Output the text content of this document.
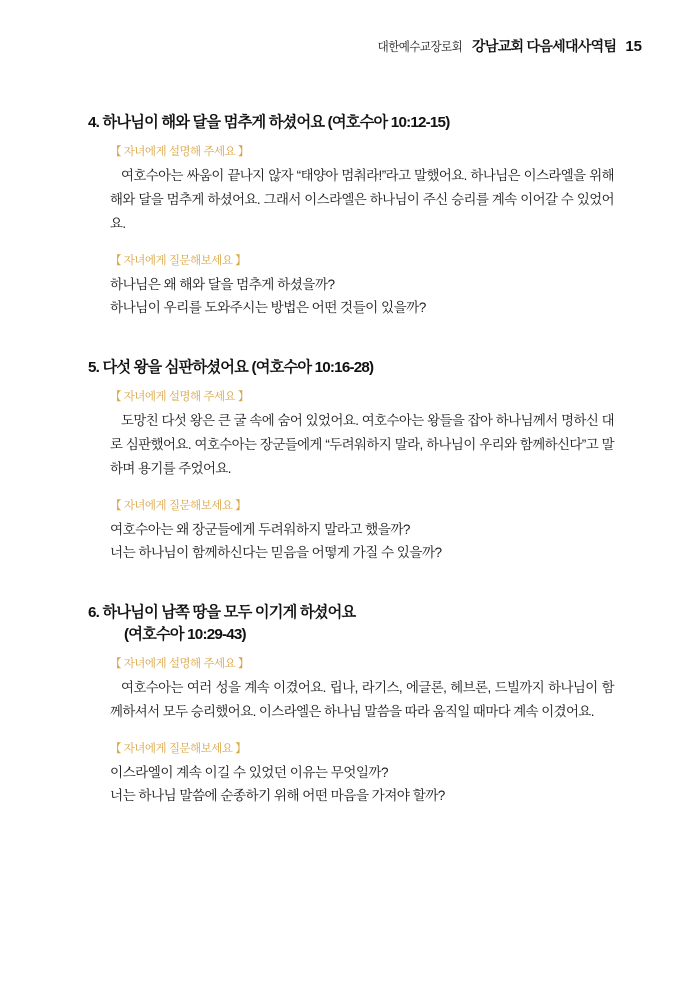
대한예수교장로회 강남교회 다음세대사역팀 15
4. 하나님이 해와 달을 멈추게 하셨어요 (여호수아 10:12-15)

【 자녀에게 설명해 주세요 】

여호수아는 싸움이 끝나지 않자 “태양아 멈춰라!”라고 말했어요. 하나님은 이스라엘을 위해 해와 달을 멈추게 하셨어요. 그래서 이스라엘은 하나님이 주신 승리를 계속 이어갈 수 있었어요.

【 자녀에게 질문해보세요 】

하나님은 왜 해와 달을 멈추게 하셨을까?

하나님이 우리를 도와주시는 방법은 어떤 것들이 있을까?

5. 다섯 왕을 심판하셨어요 (여호수아 10:16-28)

【 자녀에게 설명해 주세요 】

도망친 다섯 왕은 큰 굴 속에 숨어 있었어요. 여호수아는 왕들을 잡아 하나님께서 명하신 대로 심판했어요. 여호수아는 장군들에게 “두려워하지 말라, 하나님이 우리와 함께하신다”고 말하며 용기를 주었어요.

【 자녀에게 질문해보세요 】

여호수아는 왜 장군들에게 두려워하지 말라고 했을까?

너는 하나님이 함께하신다는 믿음을 어떻게 가질 수 있을까?

6. 하나님이 남쪽 땅을 모두 이기게 하셨어요
(여호수아 10:29-43)

【 자녀에게 설명해 주세요 】

여호수아는 여러 성을 계속 이겼어요. 립나, 라기스, 에글론, 헤브론, 드빌까지 하나님이 함께하셔서 모두 승리했어요. 이스라엘은 하나님 말씀을 따라 움직일 때마다 계속 이겼어요.

【 자녀에게 질문해보세요 】

이스라엘이 계속 이길 수 있었던 이유는 무엇일까?

너는 하나님 말씀에 순종하기 위해 어떤 마음을 가져야 할까?
